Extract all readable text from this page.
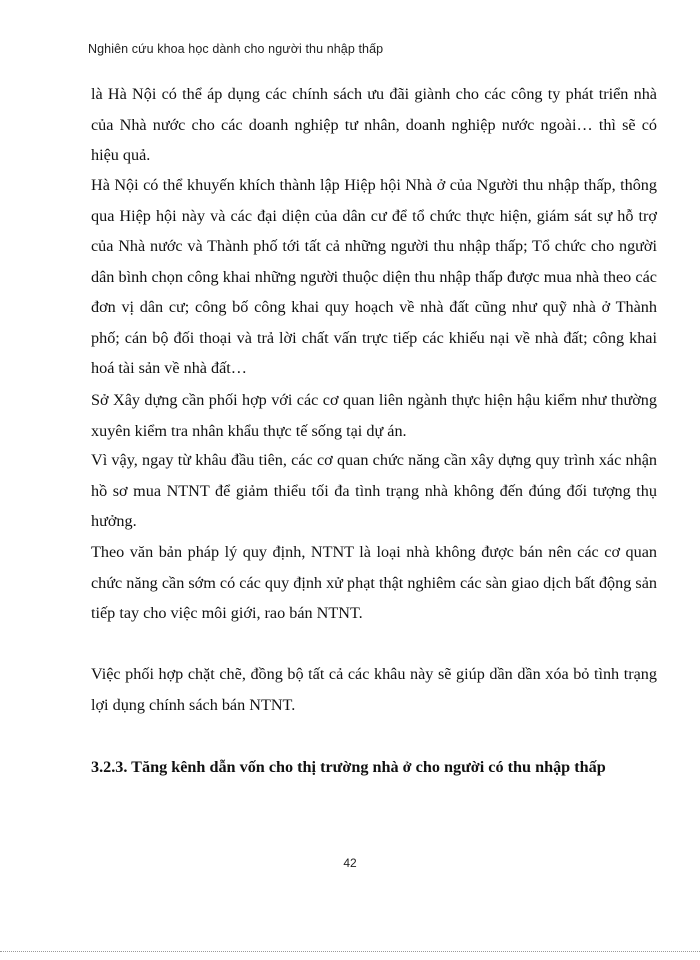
Nghiên cứu khoa học dành cho người thu nhập thấp

là Hà Nội có thể áp dụng các chính sách ưu đãi giành cho các công ty phát triển nhà của Nhà nước cho các doanh nghiệp tư nhân, doanh nghiệp nước ngoài… thì sẽ có hiệu quả.

Hà Nội có thể khuyến khích thành lập Hiệp hội Nhà ở của Người thu nhập thấp, thông qua Hiệp hội này và các đại diện của dân cư để tổ chức thực hiện, giám sát sự hỗ trợ của Nhà nước và Thành phố tới tất cả những người thu nhập thấp; Tổ chức cho người dân bình chọn công khai những người thuộc diện thu nhập thấp được mua nhà theo các đơn vị dân cư; công bố công khai quy hoạch về nhà đất cũng như quỹ nhà ở Thành phố; cán bộ đối thoại và trả lời chất vấn trực tiếp các khiếu nại về nhà đất; công khai hoá tài sản về nhà đất…

Sở Xây dựng cần phối hợp với các cơ quan liên ngành thực hiện hậu kiểm như thường xuyên kiểm tra nhân khẩu thực tế sống tại dự án.

Vì vậy, ngay từ khâu đầu tiên, các cơ quan chức năng cần xây dựng quy trình xác nhận hồ sơ mua NTNT để giảm thiểu tối đa tình trạng nhà không đến đúng đối tượng thụ hưởng.

Theo văn bản pháp lý quy định, NTNT là loại nhà không được bán nên các cơ quan chức năng cần sớm có các quy định xử phạt thật nghiêm các sàn giao dịch bất động sản tiếp tay cho việc môi giới, rao bán NTNT.

Việc phối hợp chặt chẽ, đồng bộ tất cả các khâu này sẽ giúp dần dần xóa bỏ tình trạng lợi dụng chính sách bán NTNT.

3.2.3. Tăng kênh dẫn vốn cho thị trường nhà ở cho người có thu nhập thấp
42
